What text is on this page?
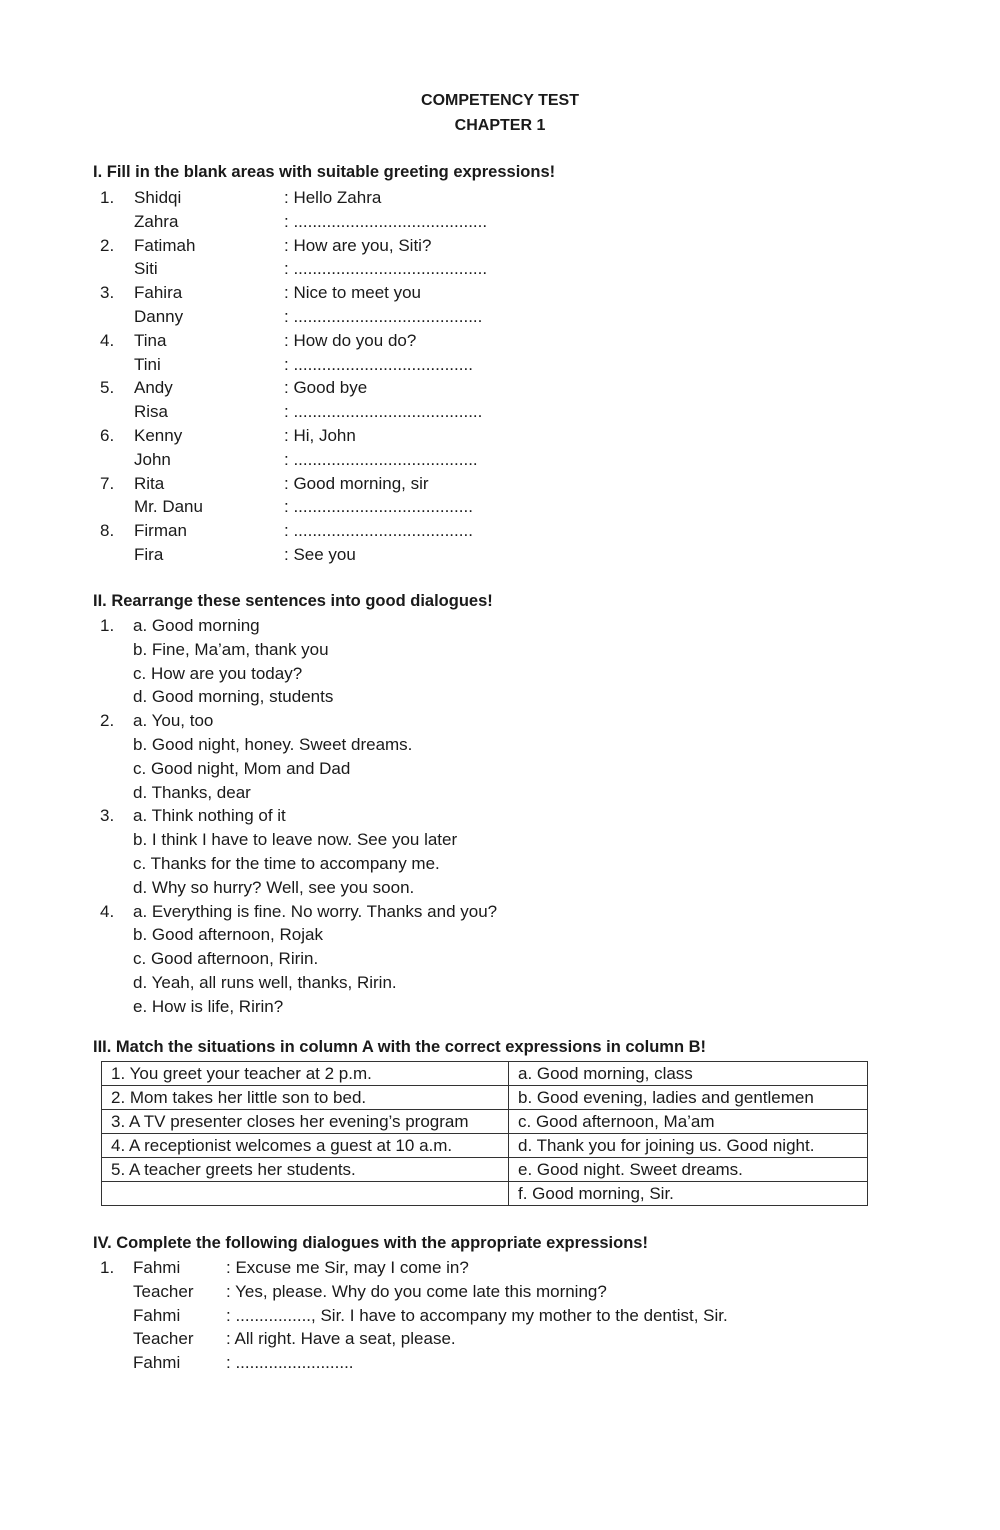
COMPETENCY TEST
CHAPTER 1
I. Fill in the blank areas with suitable greeting expressions!
1. Shidqi	: Hello Zahra
Zahra	: .........................................
2. Fatimah	: How are you, Siti?
Siti	: .........................................
3. Fahira	: Nice to meet you
Danny	: ........................................
4. Tina	: How do you do?
Tini	: ......................................
5. Andy	: Good bye
Risa	: ........................................
6. Kenny	: Hi, John
John	: .......................................
7. Rita	: Good morning, sir
Mr. Danu	: ......................................
8. Firman	: ......................................
Fira	: See you
II. Rearrange these sentences into good dialogues!
1. a. Good morning
b. Fine, Ma’am, thank you
c. How are you today?
d. Good morning, students
2. a. You, too
b. Good night, honey. Sweet dreams.
c. Good night, Mom and Dad
d. Thanks, dear
3. a. Think nothing of it
b. I think I have to leave now. See you later
c. Thanks for the time to accompany me.
d. Why so hurry? Well, see you soon.
4. a. Everything is fine. No worry. Thanks and you?
b. Good afternoon, Rojak
c. Good afternoon, Ririn.
d. Yeah, all runs well, thanks, Ririn.
e. How is life, Ririn?
III. Match the situations in column A with the correct expressions in column B!
1. You greet your teacher at 2 p.m.	a. Good morning, class
2. Mom takes her little son to bed.	b. Good evening, ladies and gentlemen
3. A TV presenter closes her evening’s program	c. Good afternoon, Ma’am
4. A receptionist welcomes a guest at 10 a.m.	d. Thank you for joining us. Good night.
5. A teacher greets her students.	e. Good night. Sweet dreams.
	f. Good morning, Sir.
IV. Complete the following dialogues with the appropriate expressions!
1. Fahmi	: Excuse me Sir, may I come in?
Teacher : Yes, please. Why do you come late this morning?
Fahmi	: ................, Sir. I have to accompany my mother to the dentist, Sir.
Teacher : All right. Have a seat, please.
Fahmi	: .........................
